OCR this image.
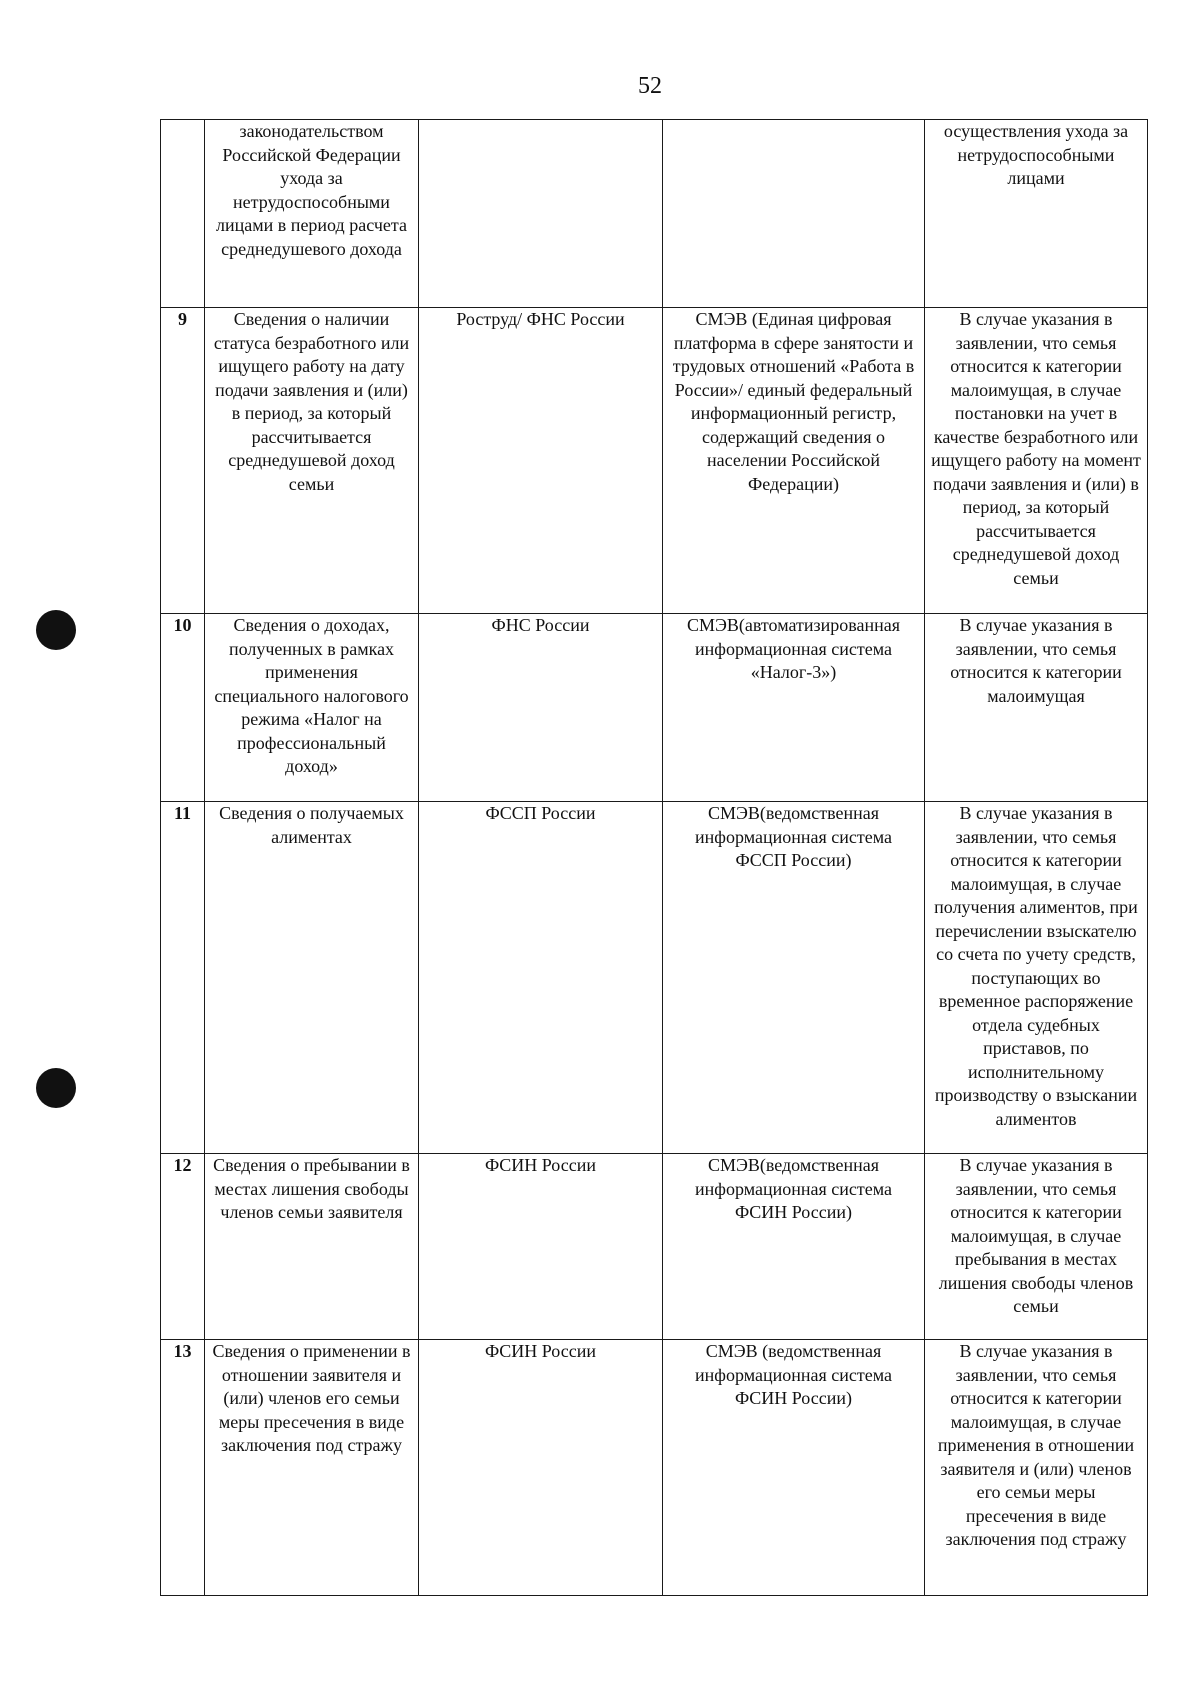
52

	законодательством Российской Федерации ухода за нетрудоспособными лицами в период расчета среднедушевого дохода			осуществления ухода за нетрудоспособными лицами

9	Сведения о наличии статуса безработного или ищущего работу на дату подачи заявления и (или) в период, за который рассчитывается среднедушевой доход семьи	Роструд/ ФНС России	СМЭВ (Единая цифровая платформа в сфере занятости и трудовых отношений «Работа в России»/ единый федеральный информационный регистр, содержащий сведения о населении Российской Федерации)	В случае указания в заявлении, что семья относится к категории малоимущая, в случае постановки на учет в качестве безработного или ищущего работу на момент подачи заявления и (или) в период, за который рассчитывается среднедушевой доход семьи

10	Сведения о доходах, полученных в рамках применения специального налогового режима «Налог на профессиональный доход»	ФНС России	СМЭВ(автоматизированная информационная система «Налог-3»)	В случае указания в заявлении, что семья относится к категории малоимущая

11	Сведения о получаемых алиментах	ФССП России	СМЭВ(ведомственная информационная система ФССП России)	В случае указания в заявлении, что семья относится к категории малоимущая, в случае получения алиментов, при перечислении взыскателю со счета по учету средств, поступающих во временное распоряжение отдела судебных приставов, по исполнительному производству о взыскании алиментов

12	Сведения о пребывании в местах лишения свободы членов семьи заявителя	ФСИН России	СМЭВ(ведомственная информационная система ФСИН России)	В случае указания в заявлении, что семья относится к категории малоимущая, в случае пребывания в местах лишения свободы членов семьи

13	Сведения о применении в отношении заявителя и (или) членов его семьи меры пресечения в виде заключения под стражу	ФСИН России	СМЭВ (ведомственная информационная система ФСИН России)	В случае указания в заявлении, что семья относится к категории малоимущая, в случае применения в отношении заявителя и (или) членов его семьи меры пресечения в виде заключения под стражу
